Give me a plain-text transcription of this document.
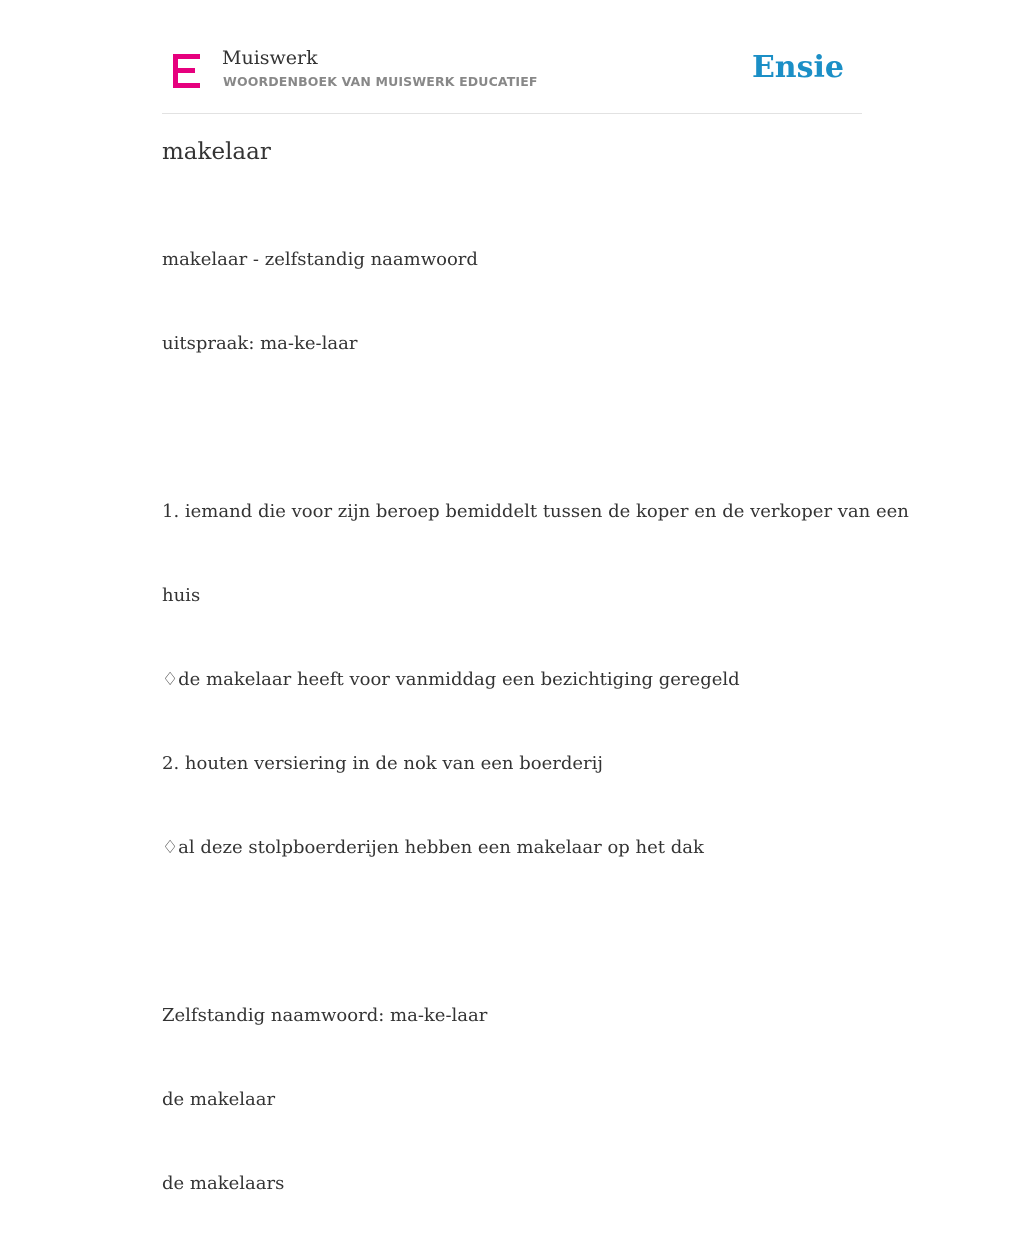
Muiswerk
WOORDENBOEK VAN MUISWERK EDUCATIEF	Ensie
makelaar

makelaar - zelfstandig naamwoord

uitspraak: ma-ke-laar

1. iemand die voor zijn beroep bemiddelt tussen de koper en de verkoper van een

huis

♢de makelaar heeft voor vanmiddag een bezichtiging geregeld

2. houten versiering in de nok van een boerderij

♢al deze stolpboerderijen hebben een makelaar op het dak

Zelfstandig naamwoord: ma-ke-laar

de makelaar

de makelaars
